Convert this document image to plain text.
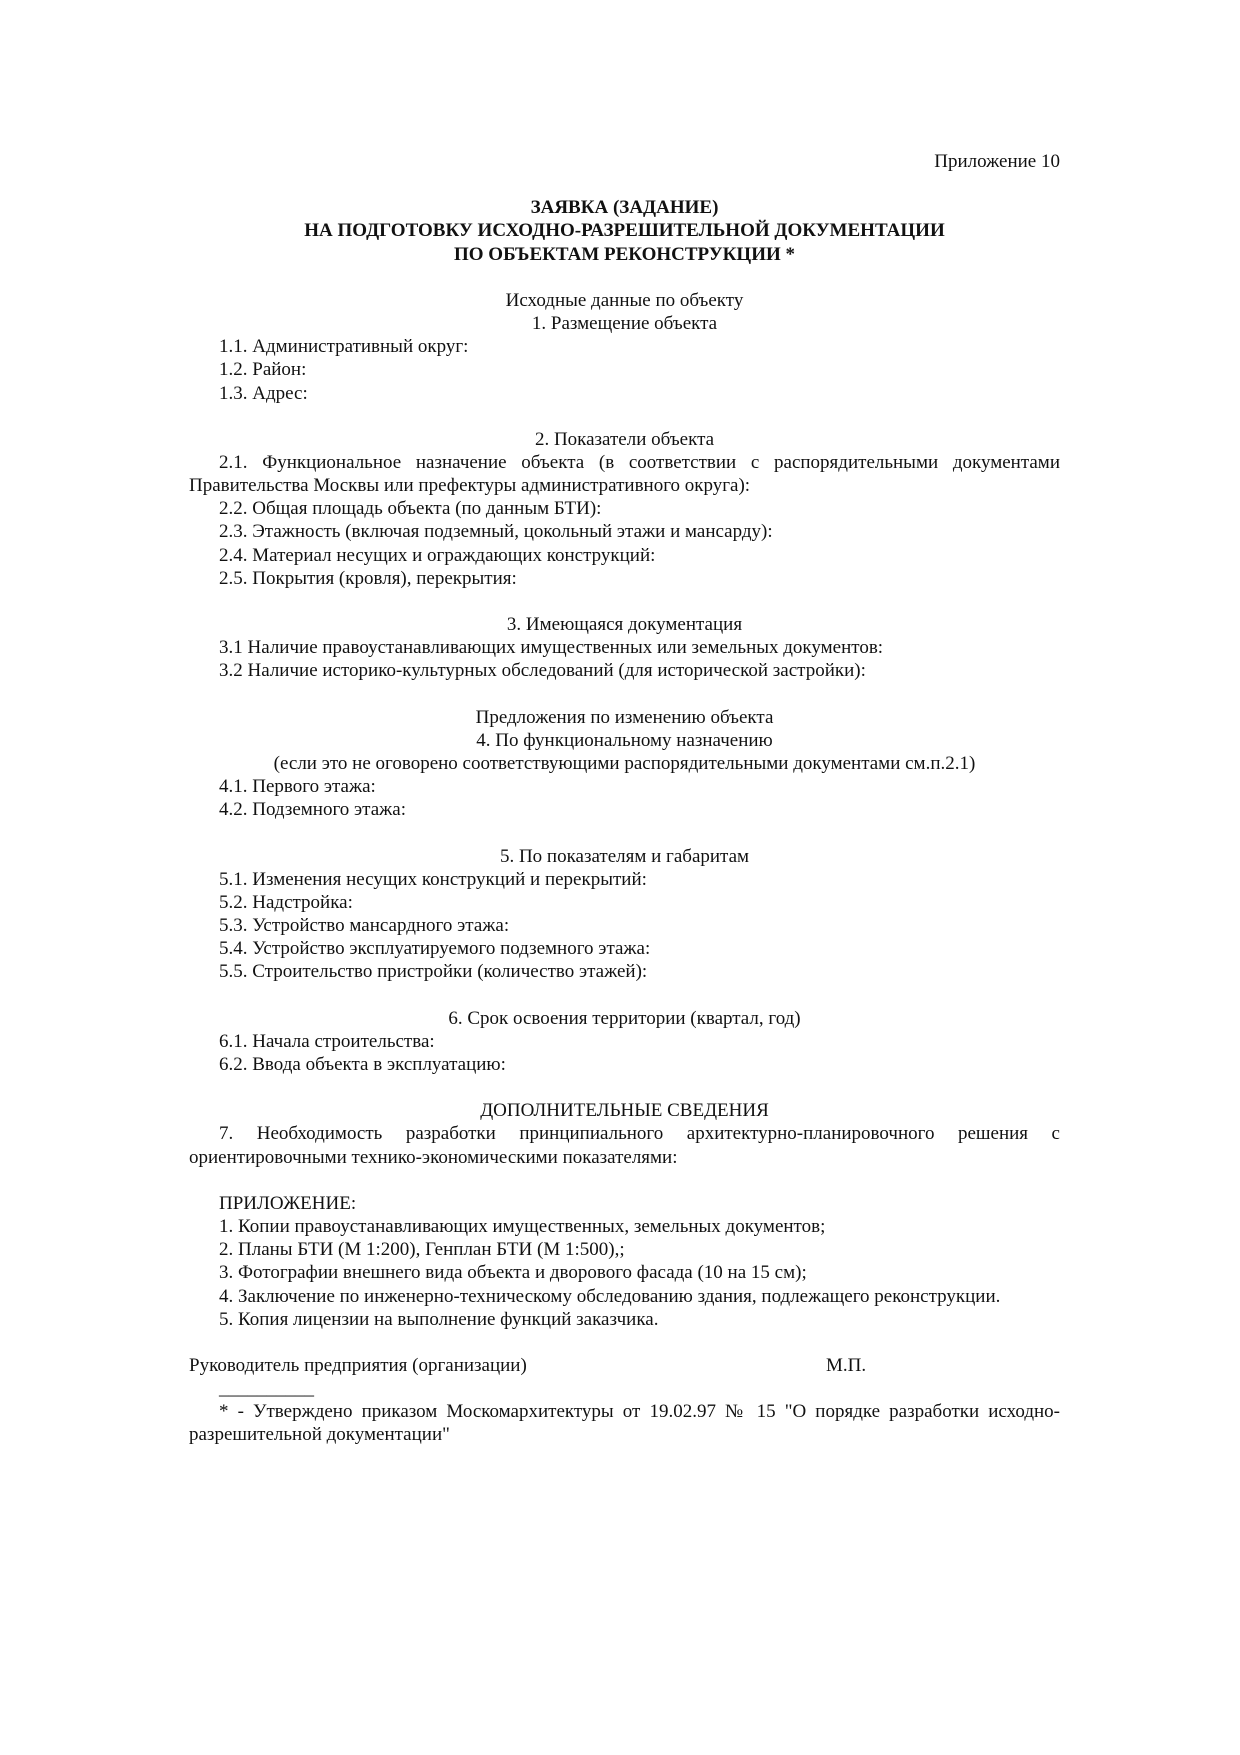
Приложение 10
ЗАЯВКА (ЗАДАНИЕ)
НА ПОДГОТОВКУ ИСХОДНО-РАЗРЕШИТЕЛЬНОЙ ДОКУМЕНТАЦИИ
ПО ОБЪЕКТАМ РЕКОНСТРУКЦИИ *
Исходные данные по объекту
1. Размещение объекта
1.1. Административный округ:
1.2. Район:
1.3. Адрес:
2. Показатели объекта
2.1. Функциональное назначение объекта (в соответствии с распорядительными документами Правительства Москвы или префектуры административного округа):
2.2. Общая площадь объекта (по данным БТИ):
2.3. Этажность (включая подземный, цокольный этажи и мансарду):
2.4. Материал несущих и ограждающих конструкций:
2.5. Покрытия (кровля), перекрытия:
3. Имеющаяся документация
3.1 Наличие правоустанавливающих имущественных или земельных документов:
3.2 Наличие историко-культурных обследований (для исторической застройки):
Предложения по изменению объекта
4. По функциональному назначению
(если это не оговорено соответствующими распорядительными документами см.п.2.1)
4.1. Первого этажа:
4.2. Подземного этажа:
5. По показателям и габаритам
5.1. Изменения несущих конструкций и перекрытий:
5.2. Надстройка:
5.3. Устройство мансардного этажа:
5.4. Устройство эксплуатируемого подземного этажа:
5.5. Строительство пристройки (количество этажей):
6. Срок освоения территории (квартал, год)
6.1. Начала строительства:
6.2. Ввода объекта в эксплуатацию:
ДОПОЛНИТЕЛЬНЫЕ СВЕДЕНИЯ
7. Необходимость разработки принципиального архитектурно-планировочного решения с ориентировочными технико-экономическими показателями:
ПРИЛОЖЕНИЕ:
1. Копии правоустанавливающих имущественных, земельных документов;
2. Планы БТИ (М 1:200), Генплан БТИ (М 1:500),;
3. Фотографии внешнего вида объекта и дворового фасада (10 на 15 см);
4. Заключение по инженерно-техническому обследованию здания, подлежащего реконструкции.
5. Копия лицензии на выполнение функций заказчика.
Руководитель предприятия (организации)	М.П.
__________
* - Утверждено приказом Москомархитектуры от 19.02.97 № 15 "О порядке разработки исходно-разрешительной документации"
